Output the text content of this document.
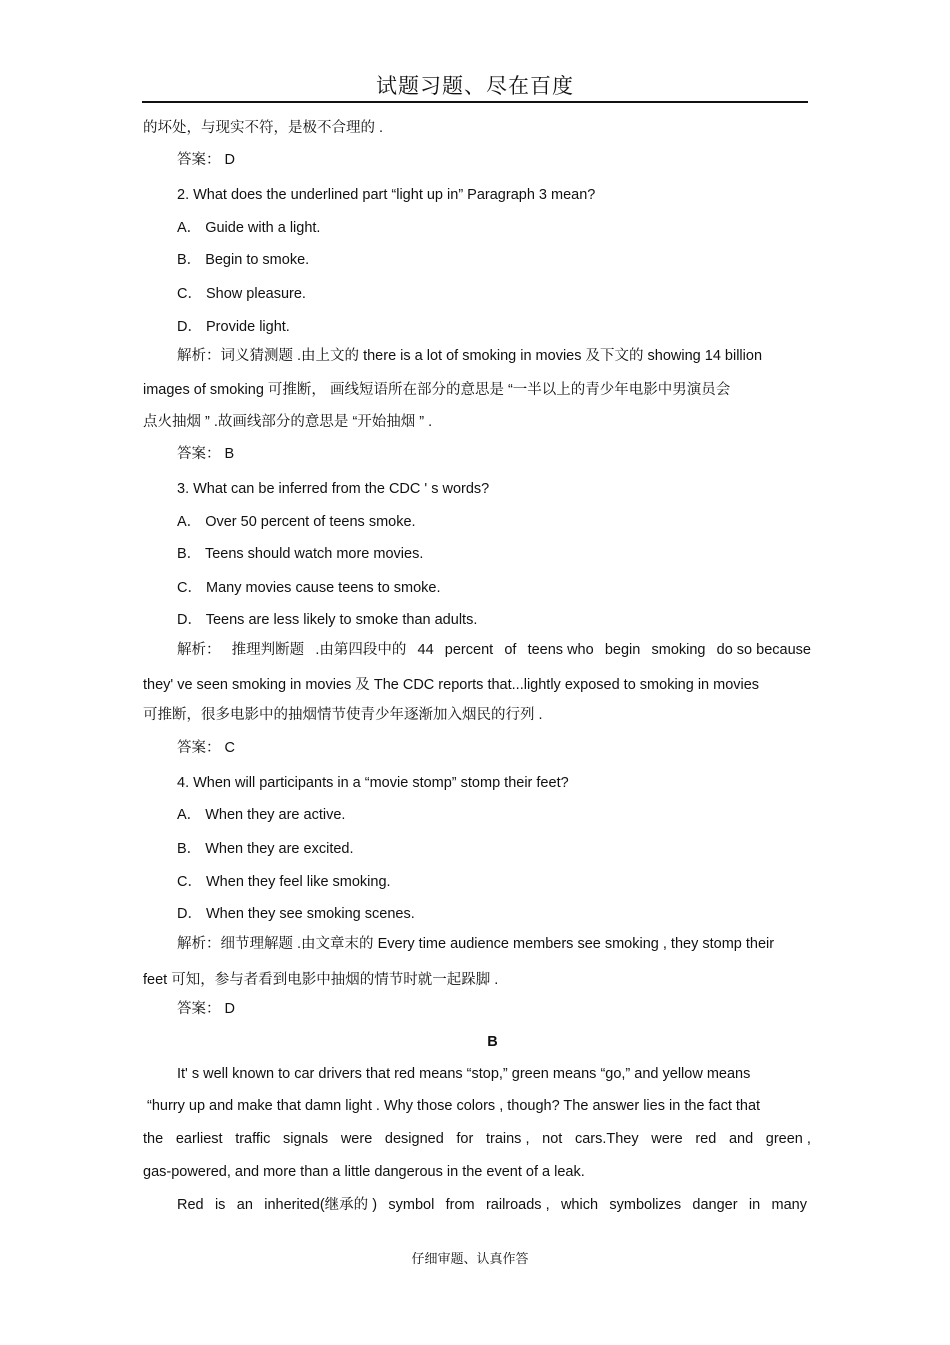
试题习题、尽在百度
的坏处，与现实不符，是极不合理的 .
答案： D
2. What does the underlined part “light up in” Paragraph 3 mean?
A． Guide with a light.
B． Begin to smoke.
C． Show pleasure.
D． Provide light.
解析：词义猜测题 .由上文的 there is a lot of smoking in movies 及下文的 showing 14 billion
images of smoking 可推断， 画线短语所在部分的意思是 “一半以上的青少年电影中男演员会
点火抽烟 ” .故画线部分的意思是 “开始抽烟 ” .
答案： B
3. What can be inferred from the CDC ' s words?
A． Over 50 percent of teens smoke.
B． Teens should watch more movies.
C． Many movies cause teens to smoke.
D． Teens are less likely to smoke than adults.
解析： 推理判断题 .由第四段中的 44 percent of teens who begin smoking do so because
they' ve seen smoking in movies 及 The CDC reports that...lightly exposed to smoking in movies
可推断，很多电影中的抽烟情节使青少年逐渐加入烟民的行列 .
答案： C
4. When will participants in a “movie stomp” stomp their feet?
A． When they are active.
B． When they are excited.
C． When they feel like smoking.
D． When they see smoking scenes.
解析：细节理解题 .由文章末的 Every time audience members see smoking , they stomp their
feet 可知，参与者看到电影中抽烟的情节时就一起跺脚 .
答案： D
B
It' s well known to car drivers that red means “stop,” green means “go,” and yellow means
“hurry up and make that damn light . Why those colors , though? The answer lies in the fact that
the earliest traffic signals were designed for trains , not cars.They were red and green ,
gas-powered, and more than a little dangerous in the event of a leak.
Red is an inherited(继承的 ) symbol from railroads , which symbolizes danger in many
仔细审题、认真作答
